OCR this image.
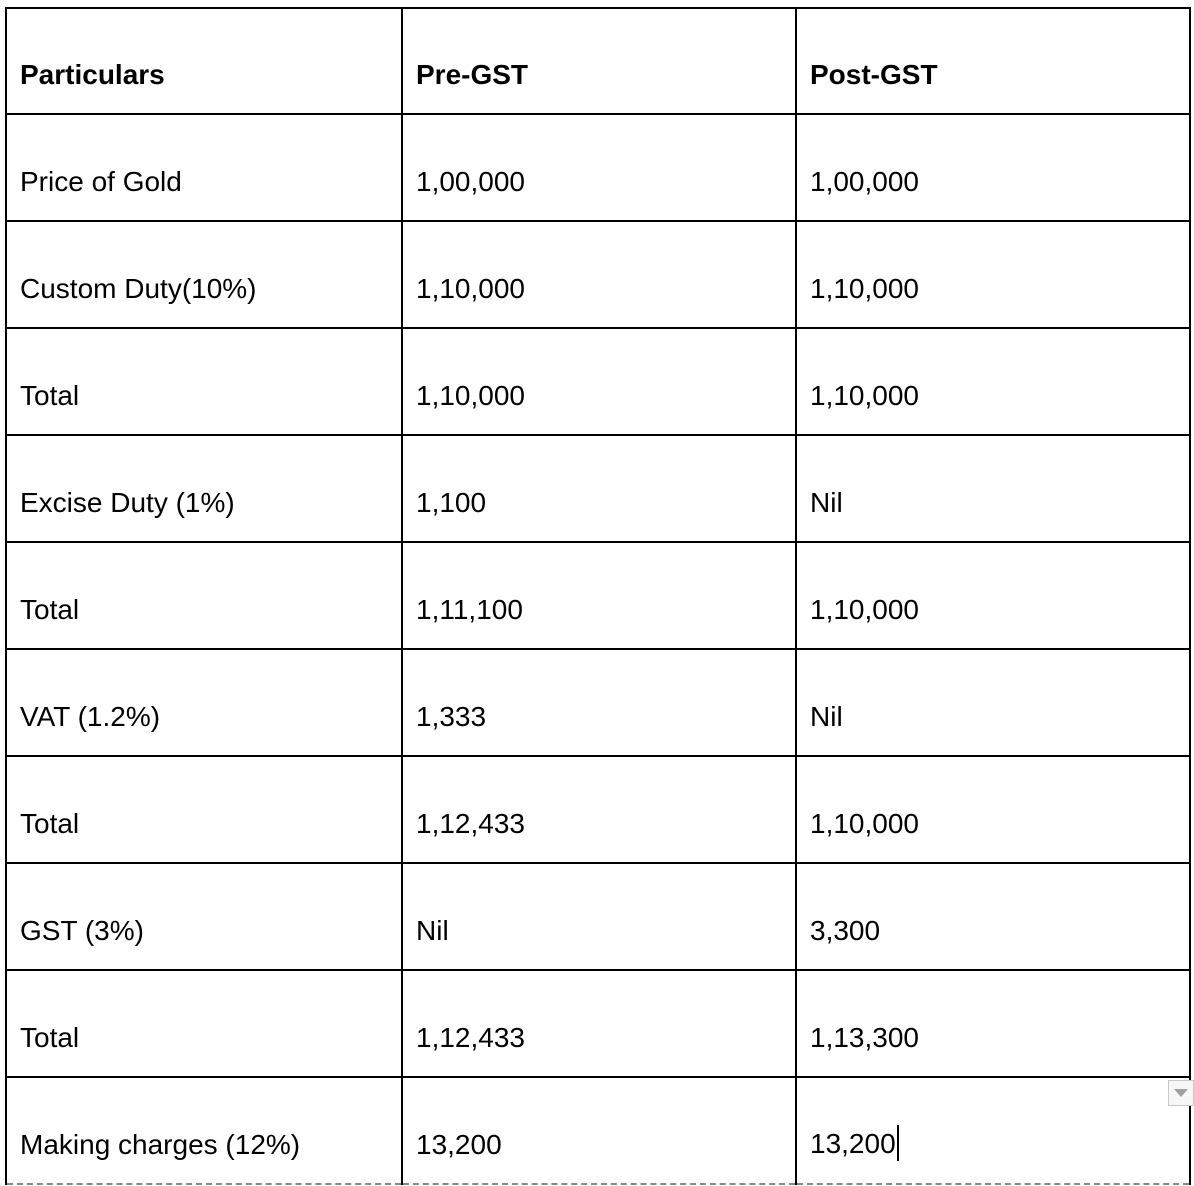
Particulars	Pre-GST	Post-GST
Price of Gold	1,00,000	1,00,000
Custom Duty(10%)	1,10,000	1,10,000
Total	1,10,000	1,10,000
Excise Duty (1%)	1,100	Nil
Total	1,11,100	1,10,000
VAT (1.2%)	1,333	Nil
Total	1,12,433	1,10,000
GST (3%)	Nil	3,300
Total	1,12,433	1,13,300
Making charges (12%)	13,200	13,200
